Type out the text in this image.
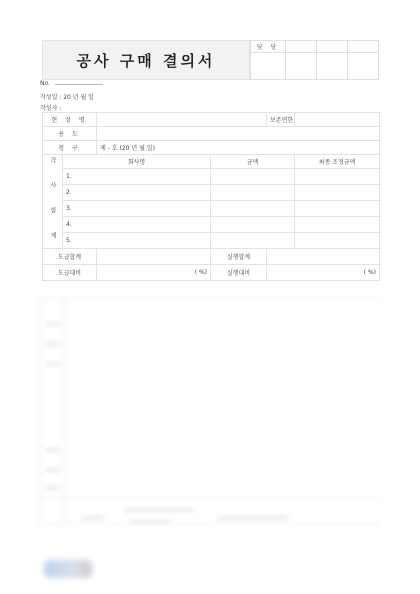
공사 구매 결의서
담 당
No.
작성일 : 20 년 월 일
작성자 :
현 장 명				보존연한	
용 도					
청 구		제 - 호 (20 년 월 일)			
각 사 합 계	회사명		금액		최종 조정금액
	1.				
	2.				
	3.				
	4.				
	5.				
도급합계			실행합계		
도급대비		( %)	실행대비	( %)	
